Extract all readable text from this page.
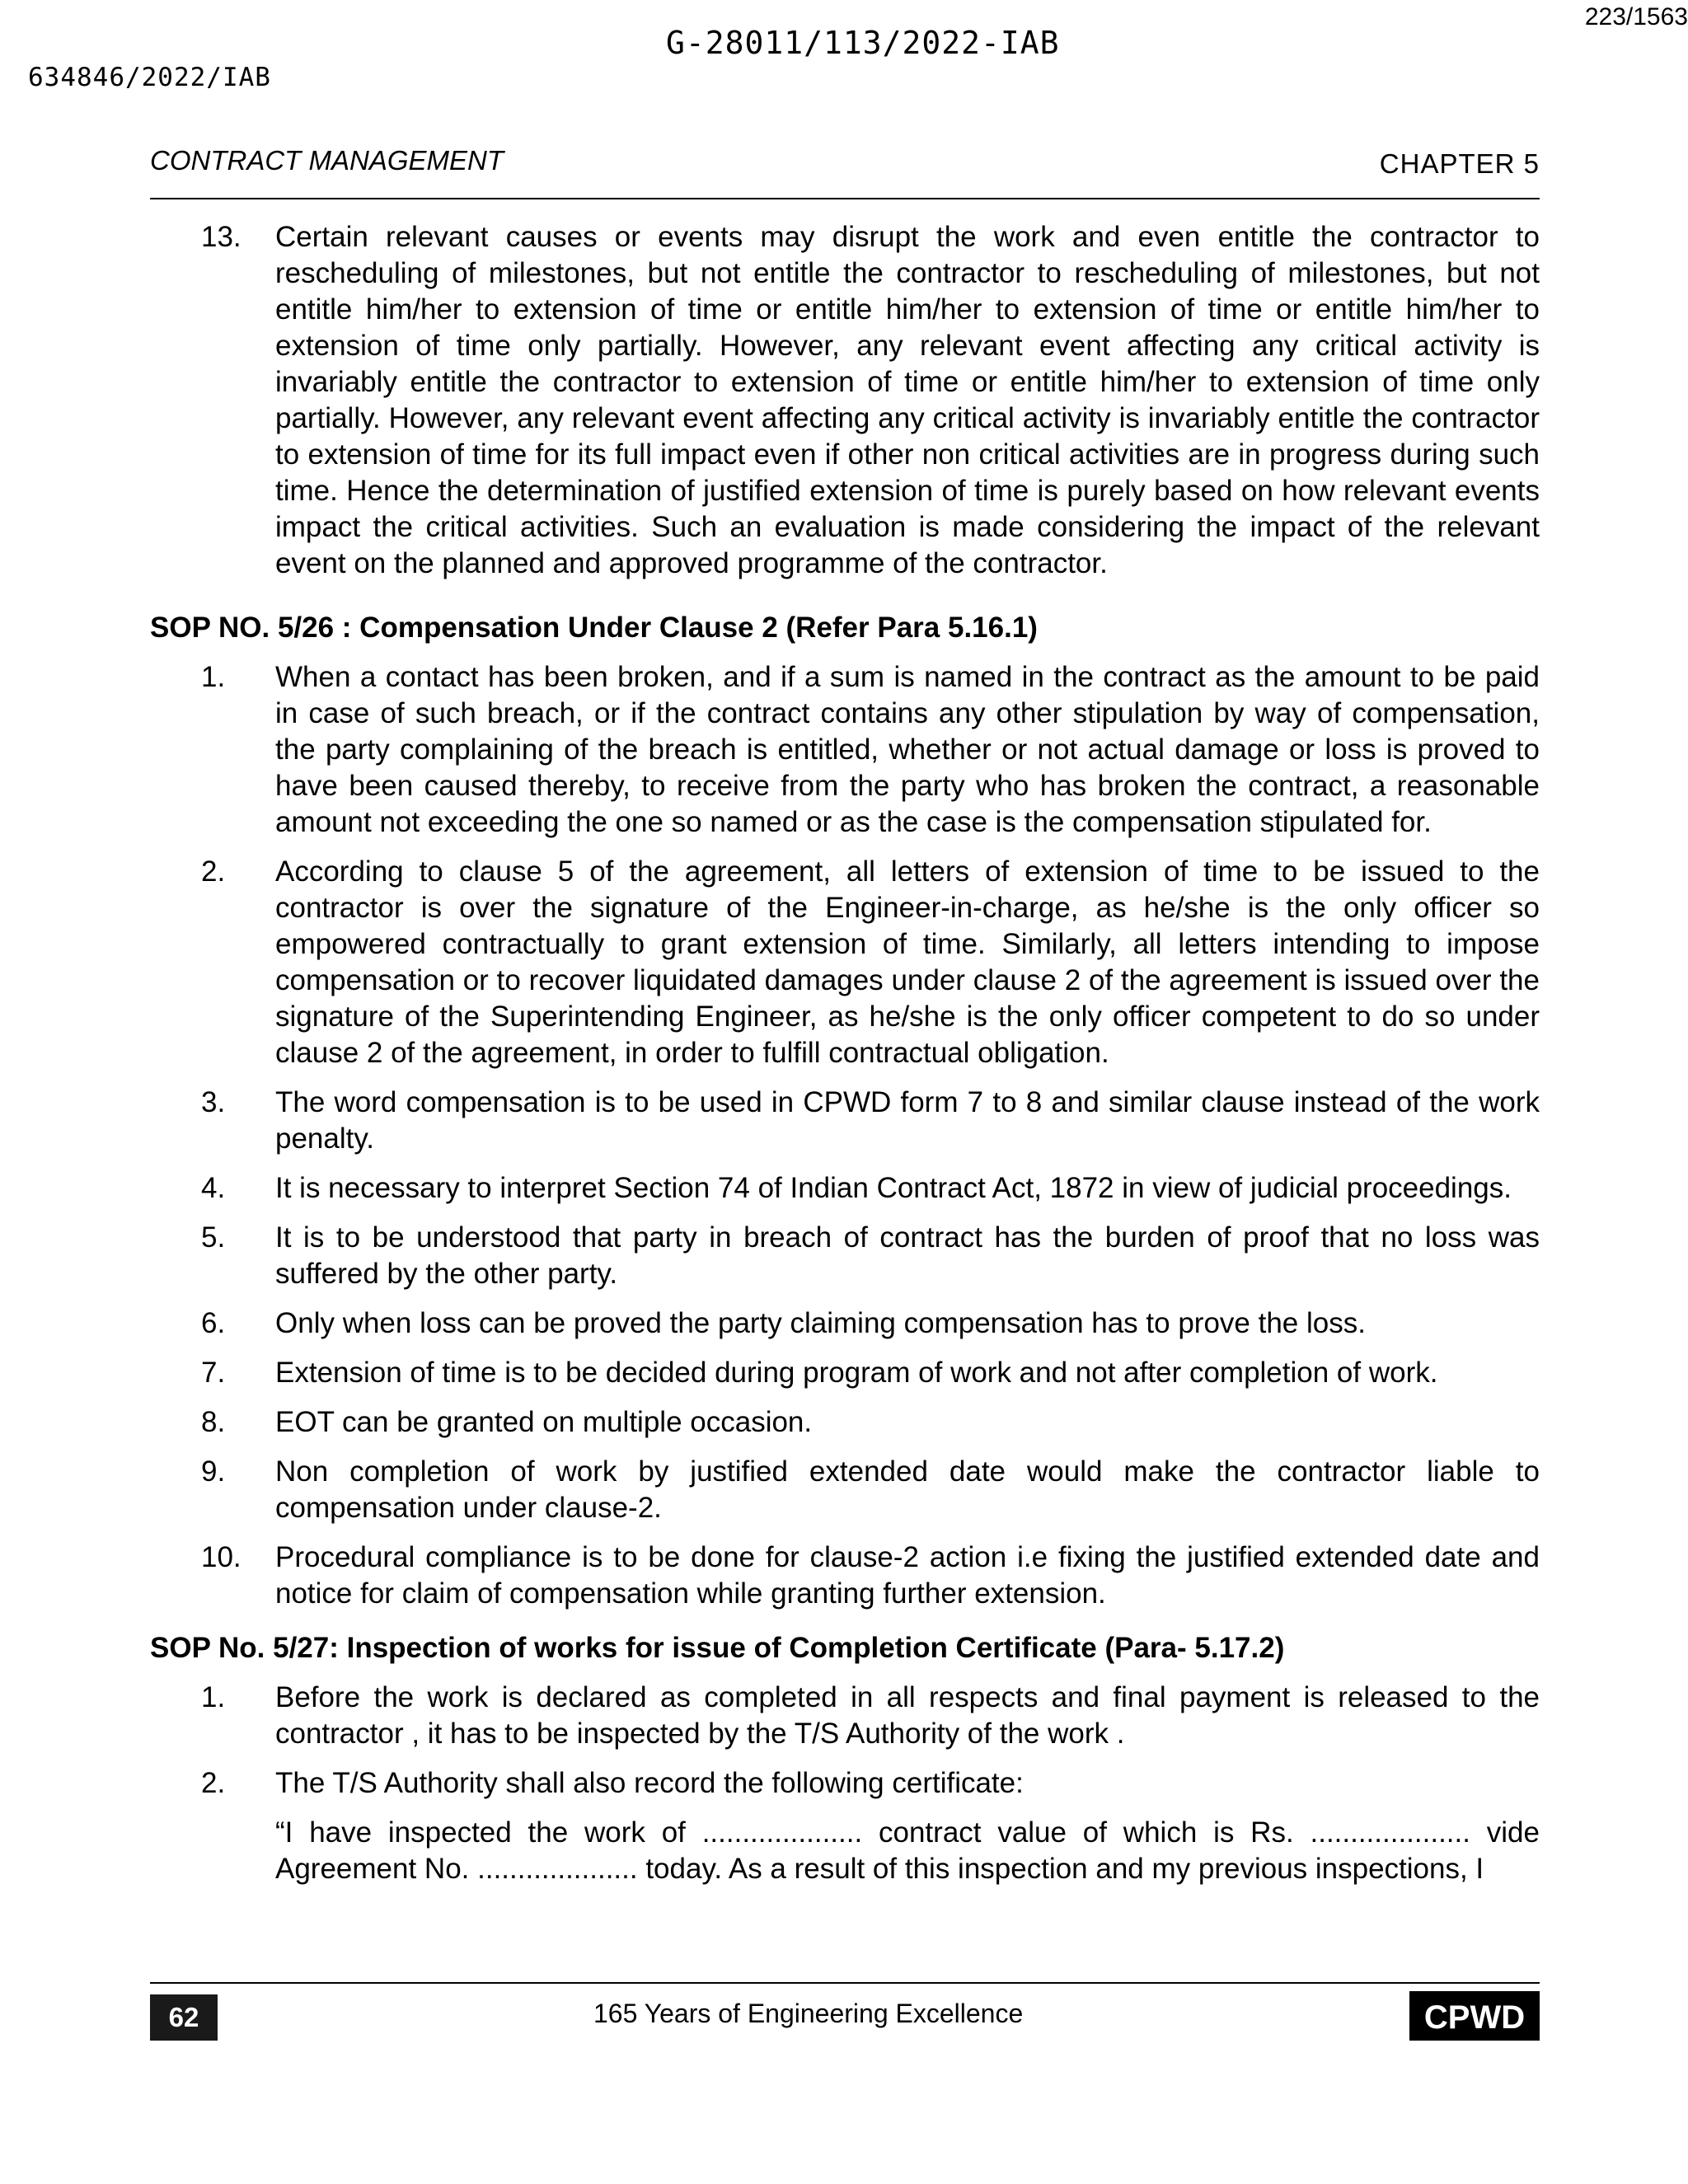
G-28011/113/2022-IAB
223/1563
634846/2022/IAB
CONTRACT MANAGEMENT	CHAPTER 5
13. Certain relevant causes or events may disrupt the work and even entitle the contractor to rescheduling of milestones, but not entitle the contractor to rescheduling of milestones, but not entitle him/her to extension of time or entitle him/her to extension of time or entitle him/her to extension of time only partially. However, any relevant event affecting any critical activity is invariably entitle the contractor to extension of time or entitle him/her to extension of time only partially. However, any relevant event affecting any critical activity is invariably entitle the contractor to extension of time for its full impact even if other non critical activities are in progress during such time. Hence the determination of justified extension of time is purely based on how relevant events impact the critical activities. Such an evaluation is made considering the impact of the relevant event on the planned and approved programme of the contractor.
SOP NO. 5/26 : Compensation Under Clause 2 (Refer Para 5.16.1)
1. When a contact has been broken, and if a sum is named in the contract as the amount to be paid in case of such breach, or if the contract contains any other stipulation by way of compensation, the party complaining of the breach is entitled, whether or not actual damage or loss is proved to have been caused thereby, to receive from the party who has broken the contract, a reasonable amount not exceeding the one so named or as the case is the compensation stipulated for.
2. According to clause 5 of the agreement, all letters of extension of time to be issued to the contractor is over the signature of the Engineer-in-charge, as he/she is the only officer so empowered contractually to grant extension of time. Similarly, all letters intending to impose compensation or to recover liquidated damages under clause 2 of the agreement is issued over the signature of the Superintending Engineer, as he/she is the only officer competent to do so under clause 2 of the agreement, in order to fulfill contractual obligation.
3. The word compensation is to be used in CPWD form 7 to 8 and similar clause instead of the work penalty.
4. It is necessary to interpret Section 74 of Indian Contract Act, 1872 in view of judicial proceedings.
5. It is to be understood that party in breach of contract has the burden of proof that no loss was suffered by the other party.
6. Only when loss can be proved the party claiming compensation has to prove the loss.
7. Extension of time is to be decided during program of work and not after completion of work.
8. EOT can be granted on multiple occasion.
9. Non completion of work by justified extended date would make the contractor liable to compensation under clause-2.
10. Procedural compliance is to be done for clause-2 action i.e fixing the justified extended date and notice for claim of compensation while granting further extension.
SOP No. 5/27: Inspection of works for issue of Completion Certificate (Para- 5.17.2)
1. Before the work is declared as completed in all respects and final payment is released to the contractor , it has to be inspected by the T/S Authority of the work .
2. The T/S Authority shall also record the following certificate:
“I have inspected the work of .................... contract value of which is Rs. .................... vide Agreement No. .................... today. As a result of this inspection and my previous inspections, I
62	165 Years of Engineering Excellence	CPWD
